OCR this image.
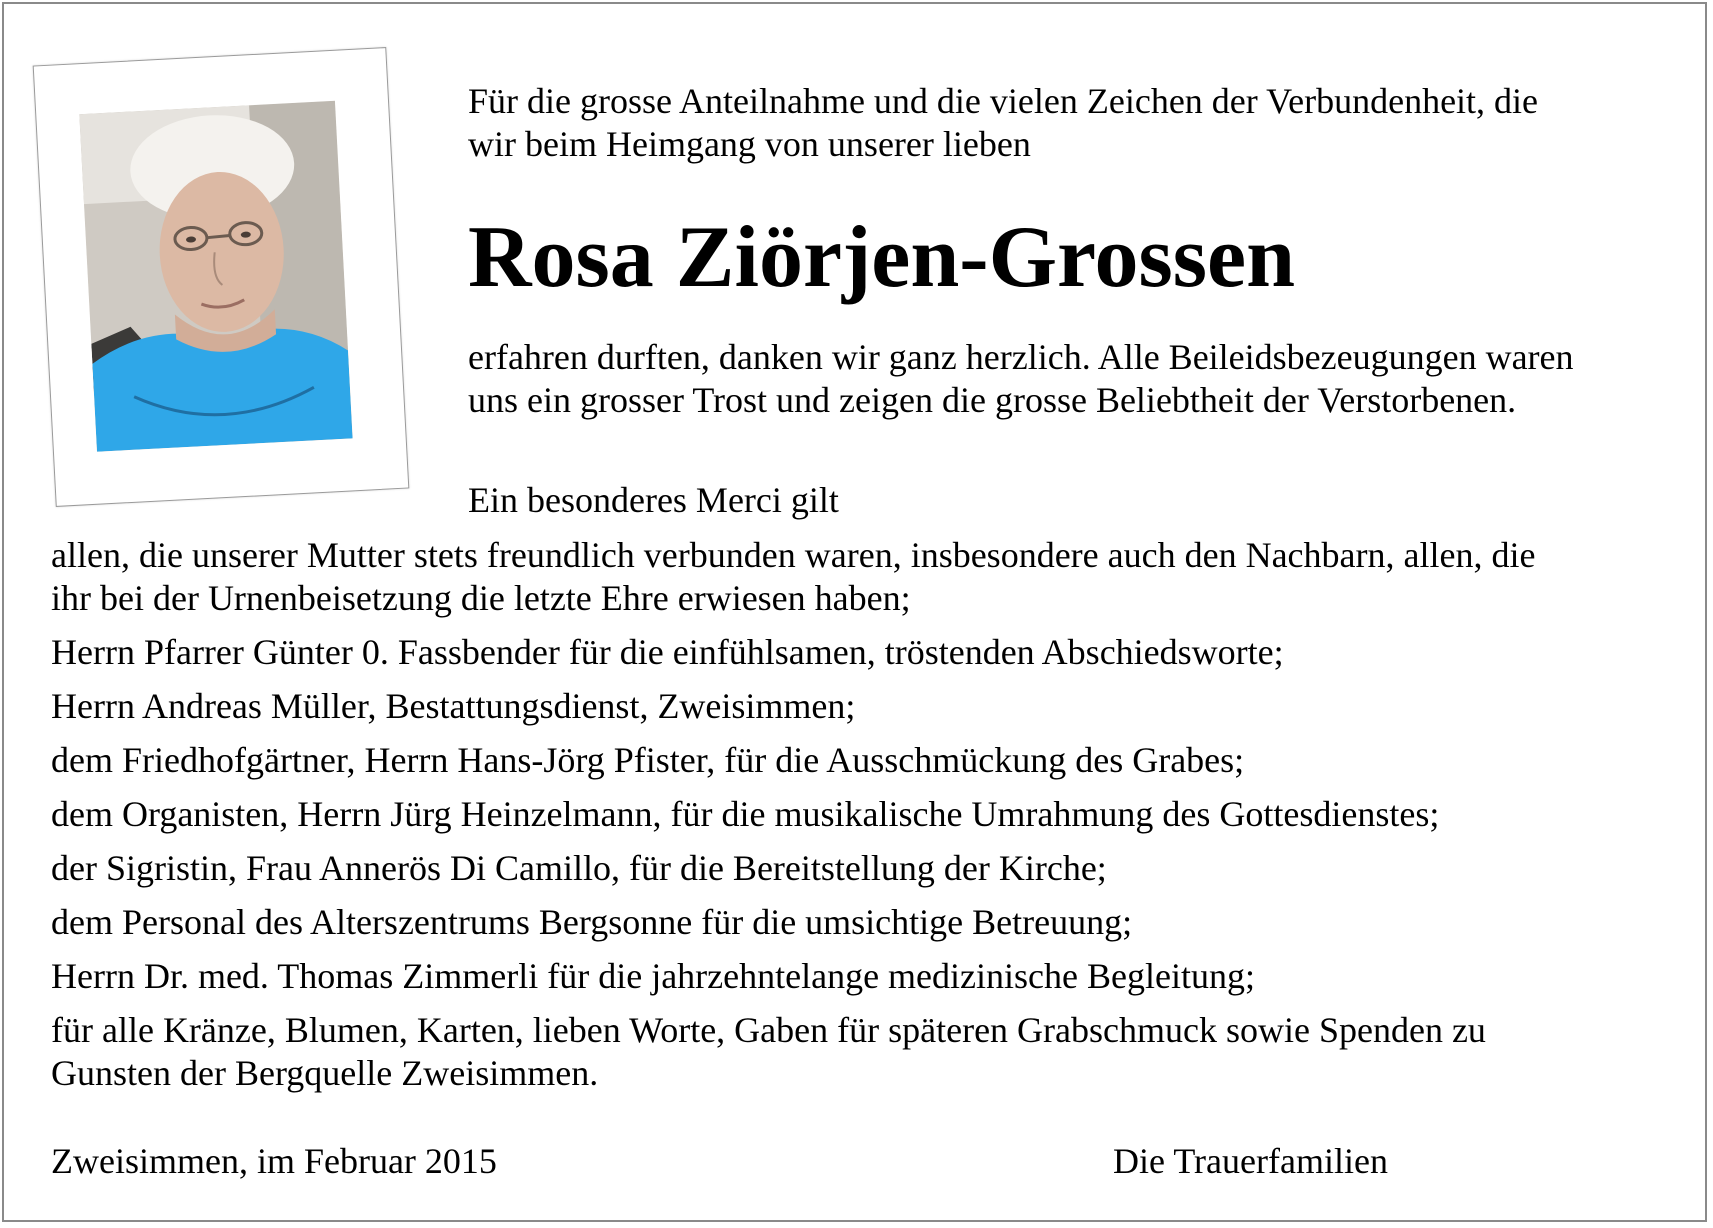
Für die grosse Anteilnahme und die vielen Zeichen der Verbundenheit, die

wir beim Heimgang von unserer lieben

Rosa Ziörjen-Grossen

erfahren durften, danken wir ganz herzlich. Alle Beileidsbezeugungen waren

uns ein grosser Trost und zeigen die grosse Beliebtheit der Verstorbenen.

Ein besonderes Merci gilt

allen, die unserer Mutter stets freundlich verbunden waren, insbesondere auch den Nachbarn, allen, die
ihr bei der Urnenbeisetzung die letzte Ehre erwiesen haben;
Herrn Pfarrer Günter 0. Fassbender für die einfühlsamen, tröstenden Abschiedsworte;
Herrn Andreas Müller, Bestattungsdienst, Zweisimmen;
dem Friedhofgärtner, Herrn Hans-Jörg Pfister, für die Ausschmückung des Grabes;
dem Organisten, Herrn Jürg Heinzelmann, für die musikalische Umrahmung des Gottesdienstes;
der Sigristin, Frau Annerös Di Camillo, für die Bereitstellung der Kirche;
dem Personal des Alterszentrums Bergsonne für die umsichtige Betreuung;
Herrn Dr. med. Thomas Zimmerli für die jahrzehntelange medizinische Begleitung;
für alle Kränze, Blumen, Karten, lieben Worte, Gaben für späteren Grabschmuck sowie Spenden zu
Gunsten der Bergquelle Zweisimmen.

Zweisimmen, im Februar 2015	Die Trauerfamilien
